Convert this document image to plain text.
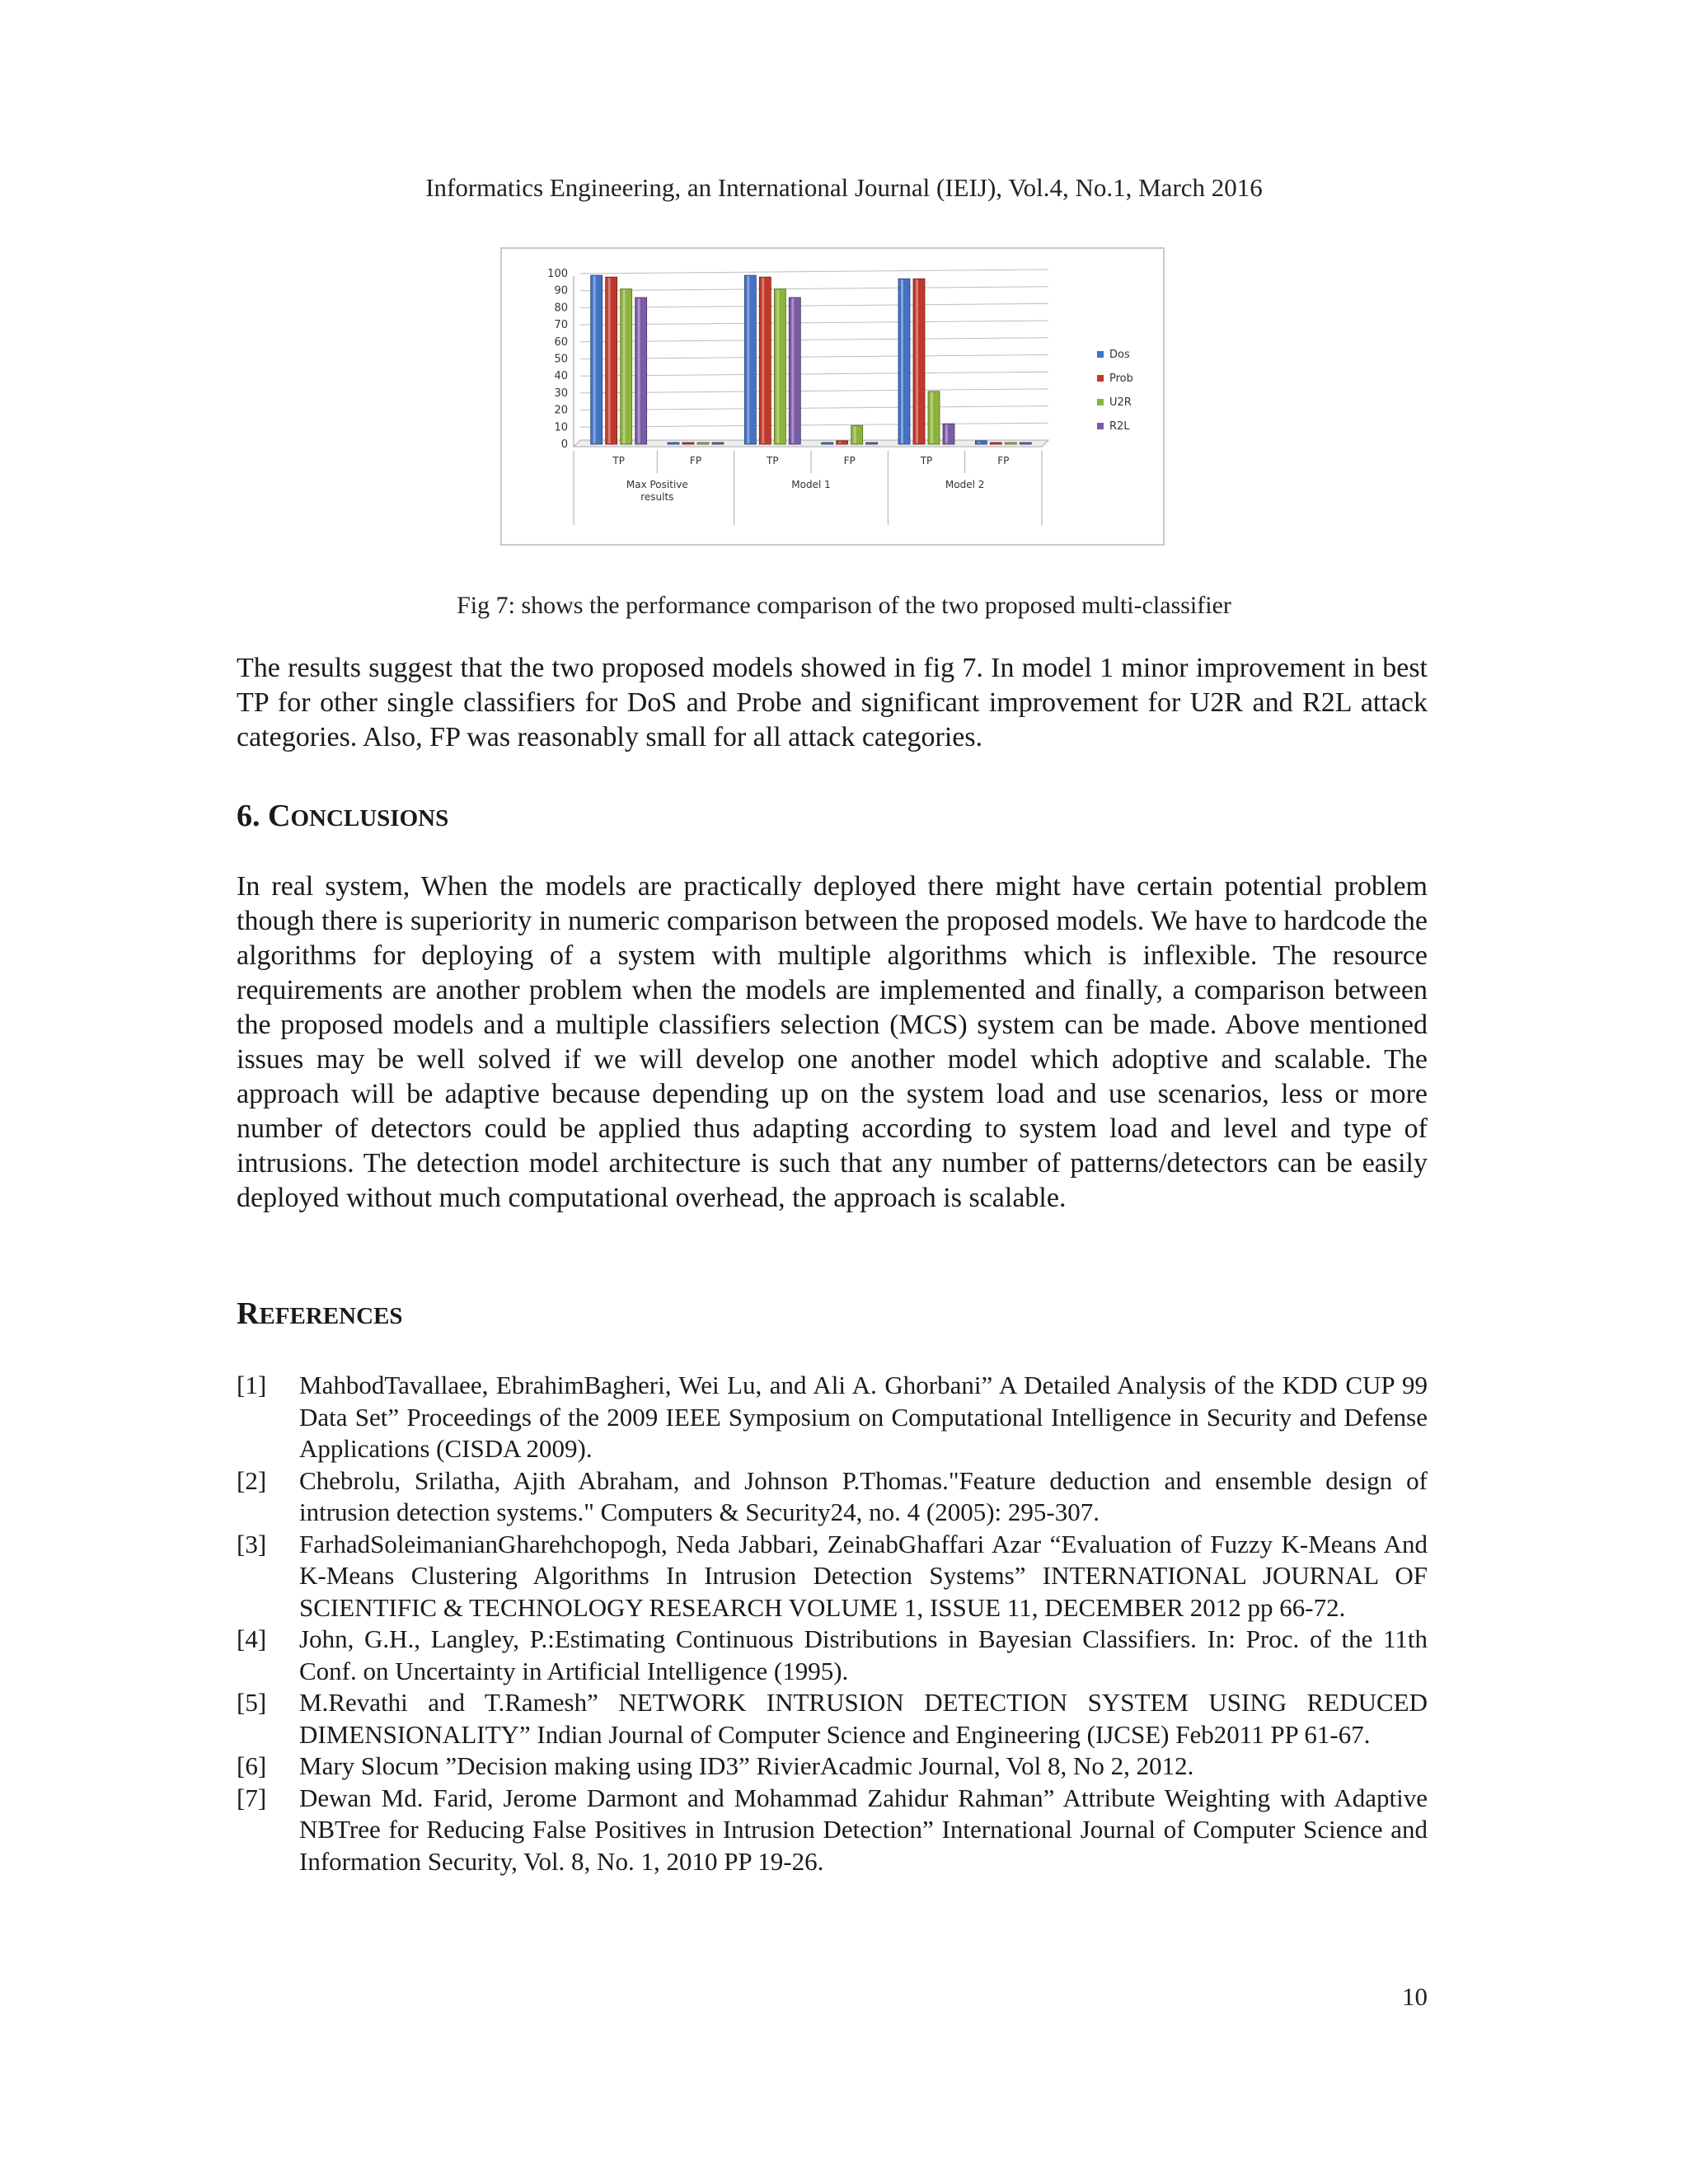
Informatics Engineering, an International Journal (IEIJ), Vol.4, No.1, March 2016
0
10
20
30
40
50
60
70
80
90
100
TP	FP	TP	FP	TP	FP
Max Positive
results
Model 1	Model 2
Dos
Prob
U2R
R2L
Fig 7: shows the performance comparison of the two proposed multi-classifier
The results suggest that the two proposed models showed in fig 7. In model 1 minor improvement in best TP for other single classifiers for DoS and Probe and significant improvement for U2R and R2L attack categories. Also, FP was reasonably small for all attack categories.
6. CONCLUSIONS
In real system, When the models are practically deployed there might have certain potential problem though there is superiority in numeric comparison between the proposed models. We have to hardcode the algorithms for deploying of a system with multiple algorithms which is inflexible. The resource requirements are another problem when the models are implemented and finally, a comparison between the proposed models and a multiple classifiers selection (MCS) system can be made. Above mentioned issues may be well solved if we will develop one another model which adoptive and scalable. The approach will be adaptive because depending up on the system load and use scenarios, less or more number of detectors could be applied thus adapting according to system load and level and type of intrusions. The detection model architecture is such that any number of patterns/detectors can be easily deployed without much computational overhead, the approach is scalable.
REFERENCES
[1]	MahbodTavallaee, EbrahimBagheri, Wei Lu, and Ali A. Ghorbani” A Detailed Analysis of the KDD CUP 99 Data Set” Proceedings of the 2009 IEEE Symposium on Computational Intelligence in Security and Defense Applications (CISDA 2009).
[2]	Chebrolu, Srilatha, Ajith Abraham, and Johnson P.Thomas."Feature deduction and ensemble design of intrusion detection systems." Computers & Security24, no. 4 (2005): 295-307.
[3]	FarhadSoleimanianGharehchopogh, Neda Jabbari, ZeinabGhaffari Azar “Evaluation of Fuzzy K-Means And K-Means Clustering Algorithms In Intrusion Detection Systems” INTERNATIONAL JOURNAL OF SCIENTIFIC & TECHNOLOGY RESEARCH VOLUME 1, ISSUE 11, DECEMBER 2012 pp 66-72.
[4]	John, G.H., Langley, P.:Estimating Continuous Distributions in Bayesian Classifiers. In: Proc. of the 11th Conf. on Uncertainty in Artificial Intelligence (1995).
[5]	M.Revathi and T.Ramesh” NETWORK INTRUSION DETECTION SYSTEM USING REDUCED DIMENSIONALITY” Indian Journal of Computer Science and Engineering (IJCSE) Feb2011 PP 61-67.
[6]	Mary Slocum ”Decision making using ID3” RivierAcadmic Journal, Vol 8, No 2, 2012.
[7]	Dewan Md. Farid, Jerome Darmont and Mohammad Zahidur Rahman” Attribute Weighting with Adaptive NBTree for Reducing False Positives in Intrusion Detection” International Journal of Computer Science and Information Security, Vol. 8, No. 1, 2010 PP 19-26.
10
